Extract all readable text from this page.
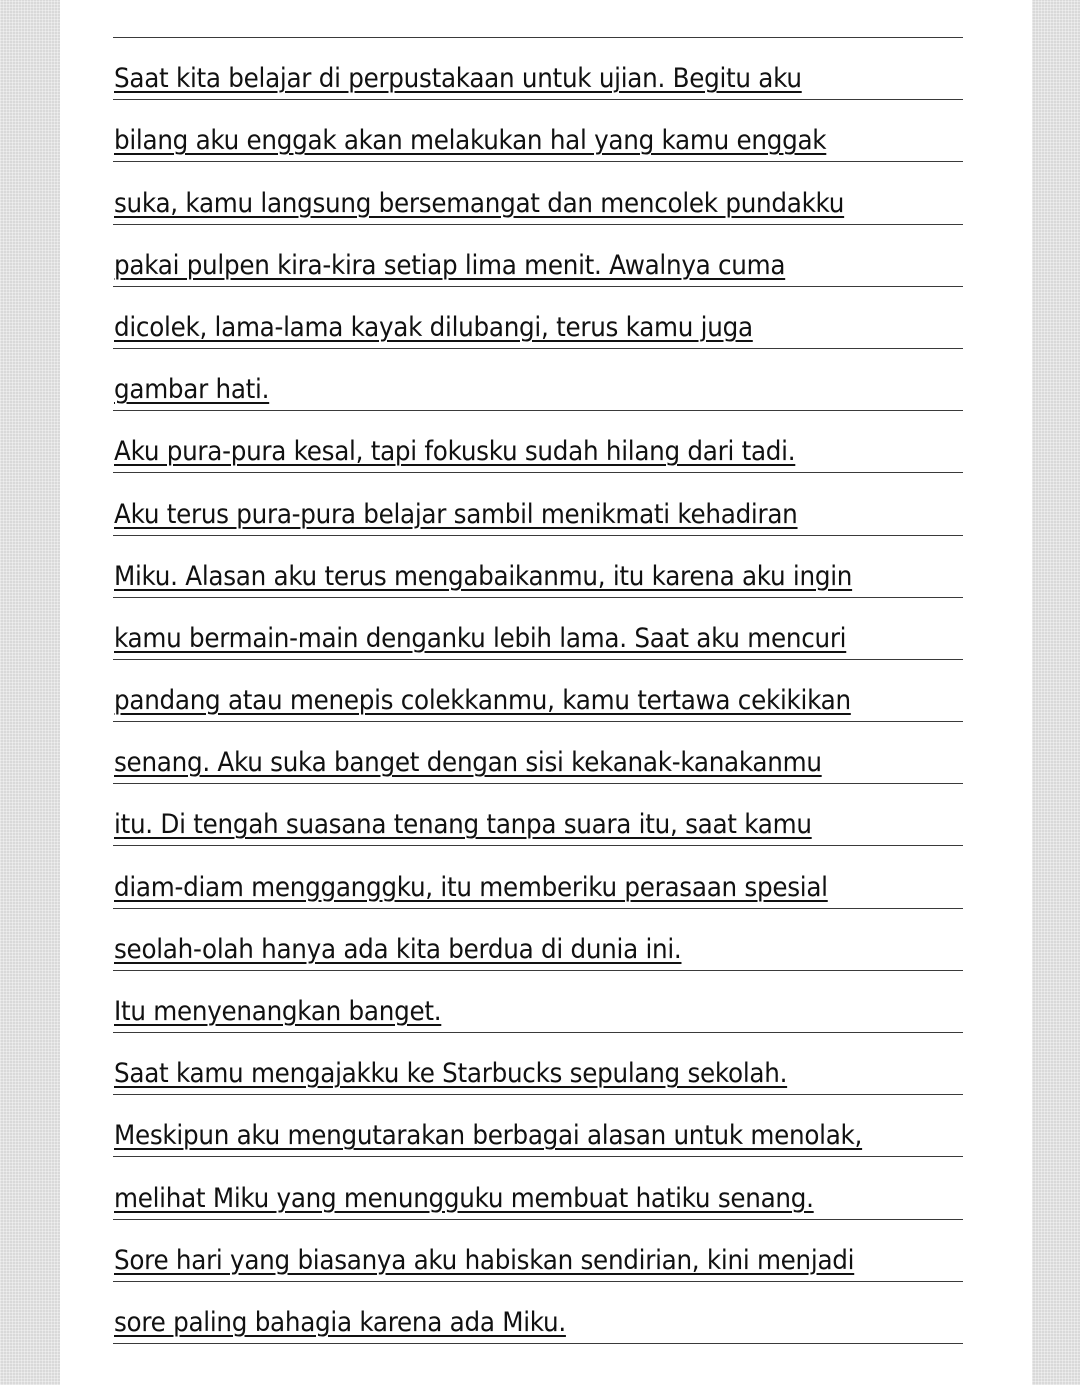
Saat kita belajar di perpustakaan untuk ujian. Begitu aku
bilang aku enggak akan melakukan hal yang kamu enggak
suka, kamu langsung bersemangat dan mencolek pundakku
pakai pulpen kira-kira setiap lima menit. Awalnya cuma
dicolek, lama-lama kayak dilubangi, terus kamu juga
gambar hati.
Aku pura-pura kesal, tapi fokusku sudah hilang dari tadi.
Aku terus pura-pura belajar sambil menikmati kehadiran
Miku. Alasan aku terus mengabaikanmu, itu karena aku ingin
kamu bermain-main denganku lebih lama. Saat aku mencuri
pandang atau menepis colekkanmu, kamu tertawa cekikikan
senang. Aku suka banget dengan sisi kekanak-kanakanmu
itu. Di tengah suasana tenang tanpa suara itu, saat kamu
diam-diam mengganggku, itu memberiku perasaan spesial
seolah-olah hanya ada kita berdua di dunia ini.
Itu menyenangkan banget.
Saat kamu mengajakku ke Starbucks sepulang sekolah.
Meskipun aku mengutarakan berbagai alasan untuk menolak,
melihat Miku yang menungguku membuat hatiku senang.
Sore hari yang biasanya aku habiskan sendirian, kini menjadi
sore paling bahagia karena ada Miku.
